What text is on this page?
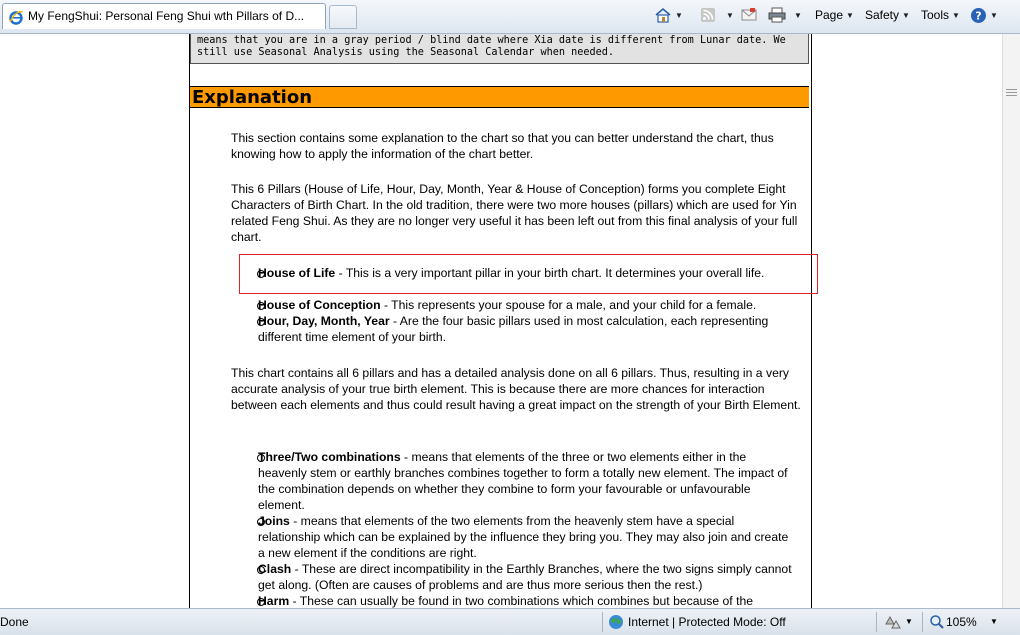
My FengShui: Personal Feng Shui wth Pillars of D...	▼	▼	▼ Page ▼ Safety ▼ Tools ▼ ? ▼
means that you are in a gray period / blind date where Xia date is different from Lunar date. We still use Seasonal Analysis using the Seasonal Calendar when needed.
Explanation
This section contains some explanation to the chart so that you can better understand the chart, thus knowing how to apply the information of the chart better.
This 6 Pillars (House of Life, Hour, Day, Month, Year & House of Conception) forms you complete Eight Characters of Birth Chart. In the old tradition, there were two more houses (pillars) which are used for Yin related Feng Shui. As they are no longer very useful it has been left out from this final analysis of your full chart.
House of Life - This is a very important pillar in your birth chart. It determines your overall life.
House of Conception - This represents your spouse for a male, and your child for a female.
Hour, Day, Month, Year - Are the four basic pillars used in most calculation, each representing different time element of your birth.
This chart contains all 6 pillars and has a detailed analysis done on all 6 pillars. Thus, resulting in a very accurate analysis of your true birth element. This is because there are more chances for interaction between each elements and thus could result having a great impact on the strength of your Birth Element.
Three/Two combinations - means that elements of the three or two elements either in the heavenly stem or earthly branches combines together to form a totally new element. The impact of the combination depends on whether they combine to form your favourable or unfavourable element.
Joins - means that elements of the two elements from the heavenly stem have a special relationship which can be explained by the influence they bring you. They may also join and create a new element if the conditions are right.
Clash - These are direct incompatibility in the Earthly Branches, where the two signs simply cannot get along. (Often are causes of problems and are thus more serious then the rest.)
Harm - These can usually be found in two combinations which combines but because of the
Done	Internet | Protected Mode: Off	▼	105% ▼
